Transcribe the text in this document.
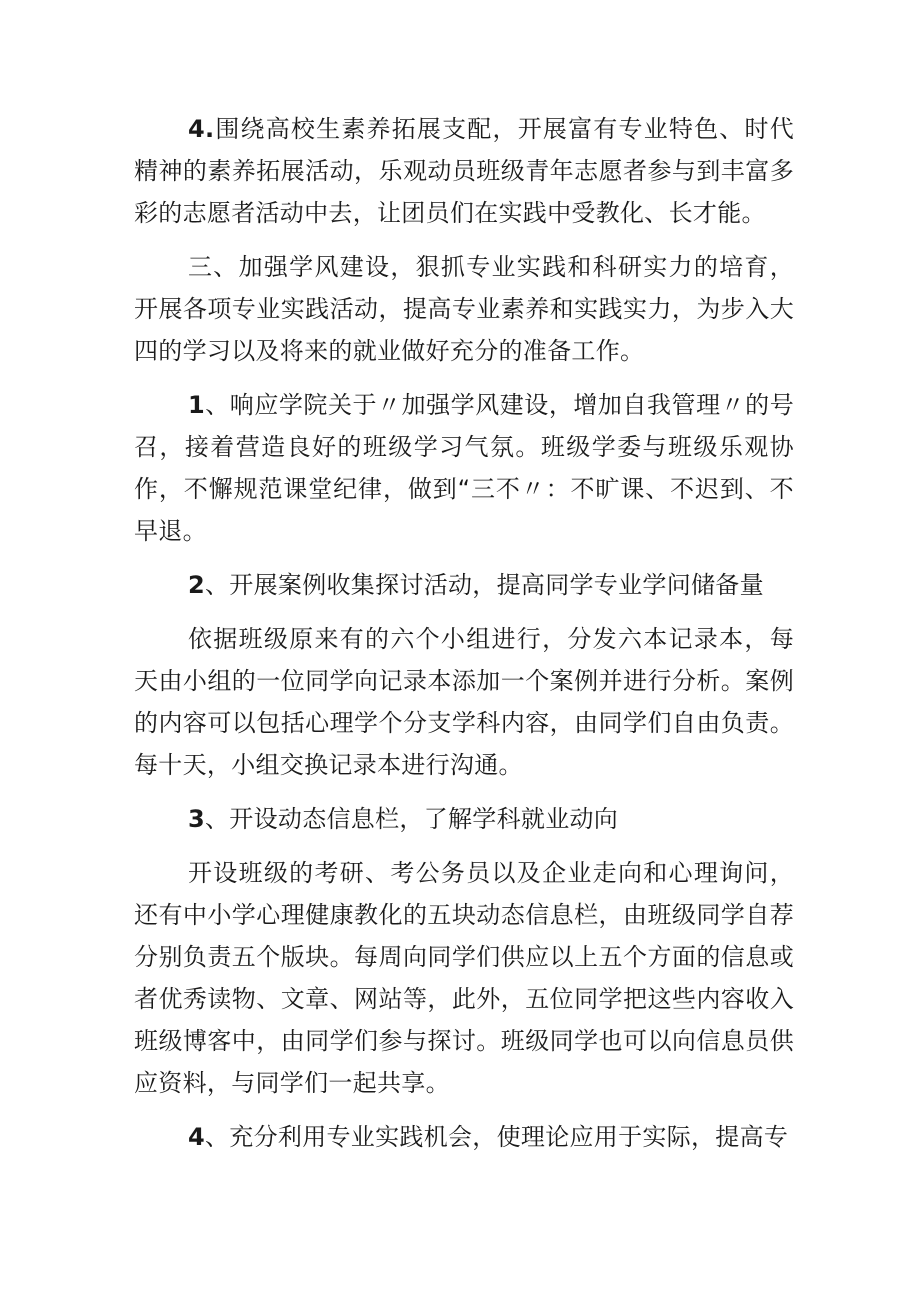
4.围绕高校生素养拓展支配，开展富有专业特色、时代精神的素养拓展活动，乐观动员班级青年志愿者参与到丰富多彩的志愿者活动中去，让团员们在实践中受教化、长才能。

三、加强学风建设，狠抓专业实践和科研实力的培育，开展各项专业实践活动，提高专业素养和实践实力，为步入大四的学习以及将来的就业做好充分的准备工作。

1、响应学院关于〃加强学风建设，增加自我管理〃的号召，接着营造良好的班级学习气氛。班级学委与班级乐观协作，不懈规范课堂纪律，做到“三不〃：不旷课、不迟到、不早退。

2、开展案例收集探讨活动，提高同学专业学问储备量

依据班级原来有的六个小组进行，分发六本记录本，每天由小组的一位同学向记录本添加一个案例并进行分析。案例的内容可以包括心理学个分支学科内容，由同学们自由负责。每十天，小组交换记录本进行沟通。

3、开设动态信息栏，了解学科就业动向

开设班级的考研、考公务员以及企业走向和心理询问，还有中小学心理健康教化的五块动态信息栏，由班级同学自荐分别负责五个版块。每周向同学们供应以上五个方面的信息或者优秀读物、文章、网站等，此外，五位同学把这些内容收入班级博客中，由同学们参与探讨。班级同学也可以向信息员供应资料，与同学们一起共享。

4、充分利用专业实践机会，使理论应用于实际，提高专
